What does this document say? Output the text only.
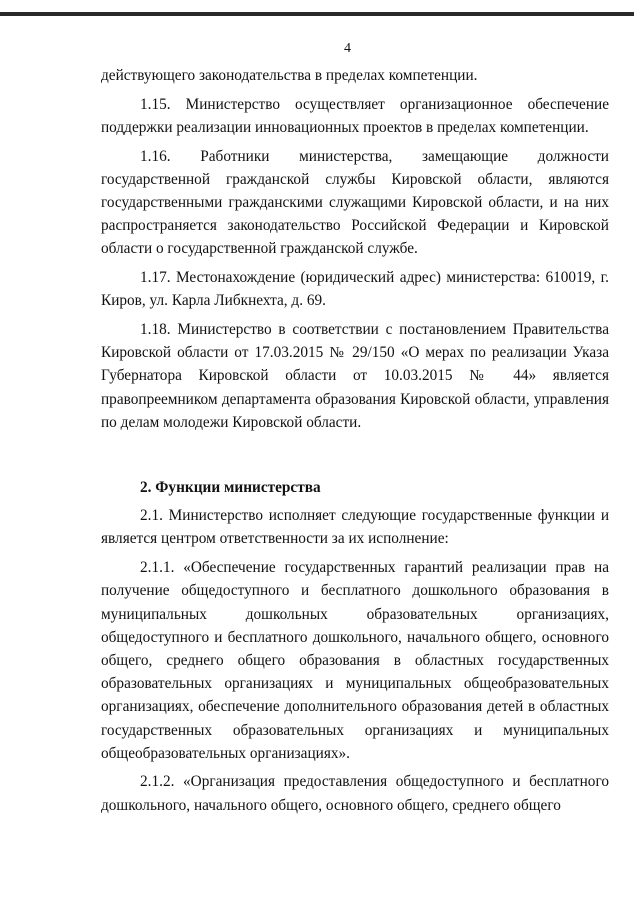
4

действующего законодательства в пределах компетенции.

1.15. Министерство осуществляет организационное обеспечение поддержки реализации инновационных проектов в пределах компетенции.

1.16. Работники министерства, замещающие должности государственной гражданской службы Кировской области, являются государственными гражданскими служащими Кировской области, и на них распространяется законодательство Российской Федерации и Кировской области о государственной гражданской службе.

1.17. Местонахождение (юридический адрес) министерства: 610019, г. Киров, ул. Карла Либкнехта, д. 69.

1.18. Министерство в соответствии с постановлением Правительства Кировской области от 17.03.2015 № 29/150 «О мерах по реализации Указа Губернатора Кировской области от 10.03.2015 № 44» является правопреемником департамента образования Кировской области, управления по делам молодежи Кировской области.

2. Функции министерства

2.1. Министерство исполняет следующие государственные функции и является центром ответственности за их исполнение:

2.1.1. «Обеспечение государственных гарантий реализации прав на получение общедоступного и бесплатного дошкольного образования в муниципальных дошкольных образовательных организациях, общедоступного и бесплатного дошкольного, начального общего, основного общего, среднего общего образования в областных государственных образовательных организациях и муниципальных общеобразовательных организациях, обеспечение дополнительного образования детей в областных государственных образовательных организациях и муниципальных общеобразовательных организациях».

2.1.2. «Организация предоставления общедоступного и бесплатного дошкольного, начального общего, основного общего, среднего общего
